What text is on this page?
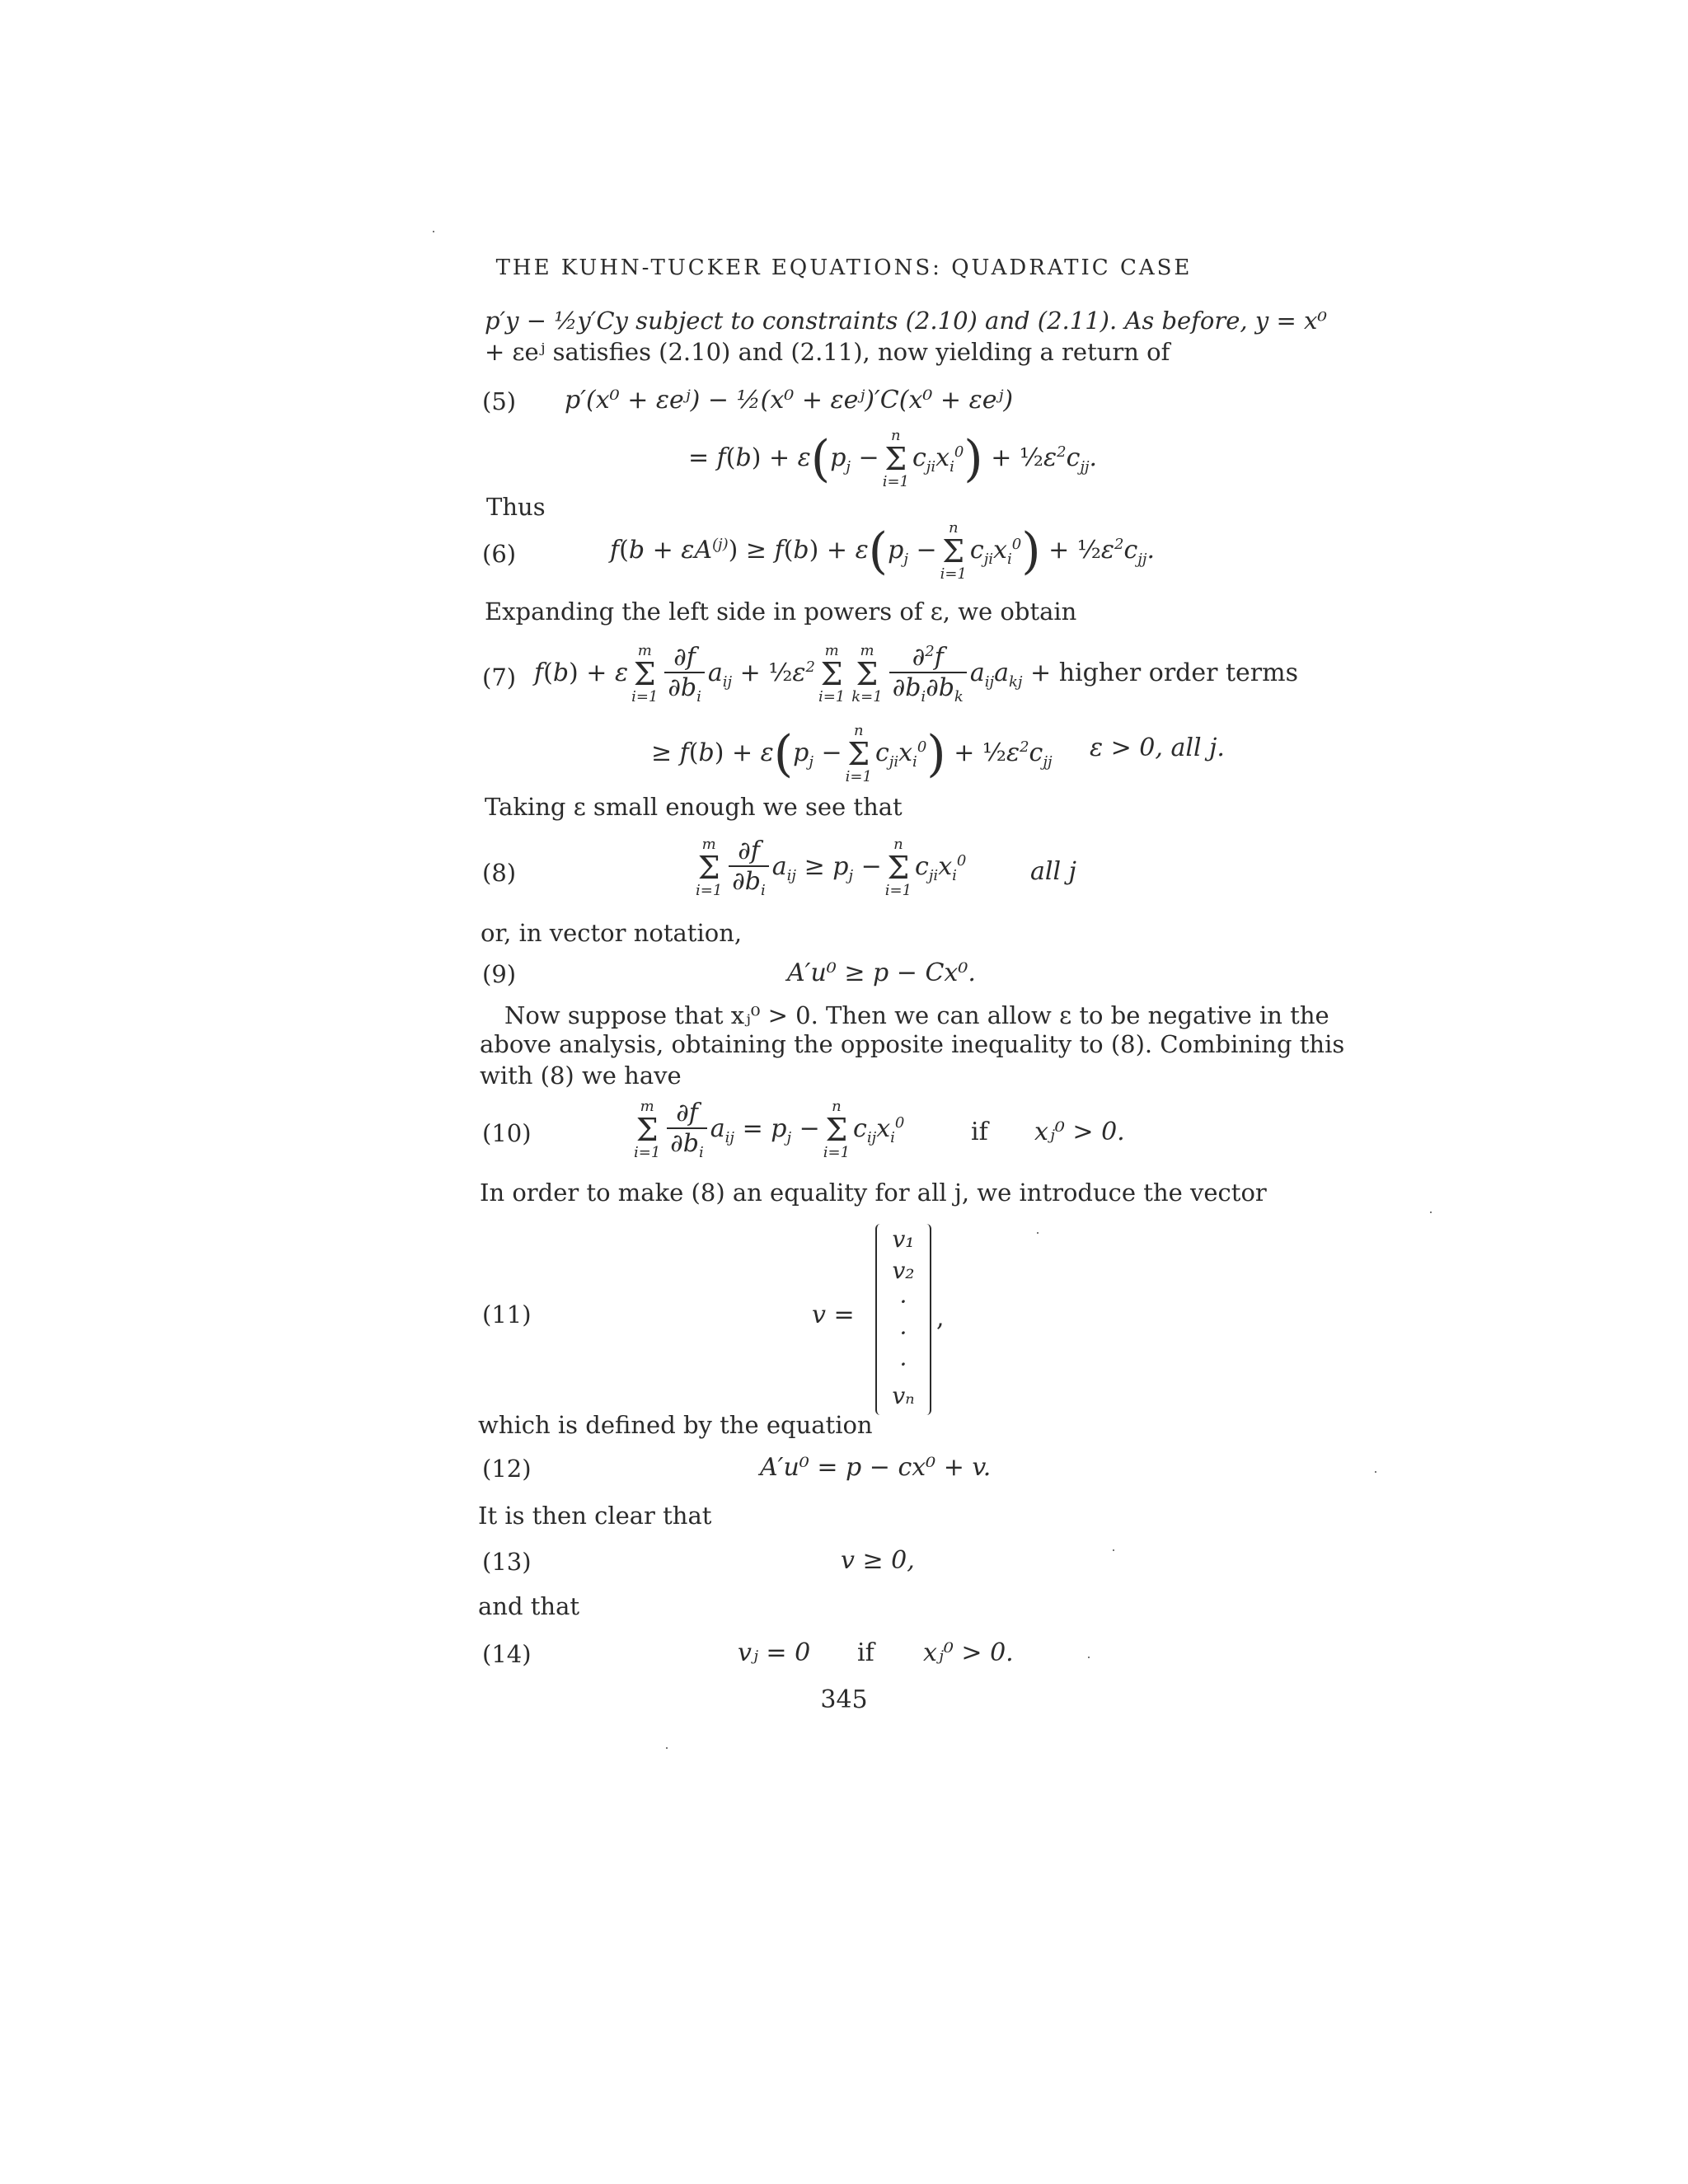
THE KUHN-TUCKER EQUATIONS: QUADRATIC CASE
p′y − ½y′Cy subject to constraints (2.10) and (2.11). As before, y = x⁰
+ εeʲ satisfies (2.10) and (2.11), now yielding a return of
(5) p′(x⁰ + εeʲ) − ½(x⁰ + εeʲ)′C(x⁰ + εeʲ)
= $f(b) + \varepsilon(p_j$ −
n
Σ
i=1
$c_{ji}x_i^0$) + $\frac{1}{2}\varepsilon^2c_{jj}$.
Thus
(6)	$f(b + \varepsilon A^{(j)}) \ge f(b) + \varepsilon(p_j$ −
n
Σ
i=1
$c_{ji}x_i^0$) + $\frac{1}{2}\varepsilon^2c_{jj}$.
Expanding the left side in powers of ε, we obtain
(7) f(b) + ε
m
Σ
$i=1 \frac{\partial f}{\partial b_i} a_{ij}$ + $\frac{1}{2}\varepsilon^2$
m
Σ
i=1
m
Σ
$k=1 \frac{\partial^2f}{\partial b_i\partial b_k} a_{ij}a_{kj}$ + higher order terms
≥ $f(b) + \varepsilon(p_j$ −
n
Σ
i=1
$c_{ji}x_i^0$) + $\frac{1}{2}\varepsilon^2c_{jj}$ ε > 0, all j.
Taking ε small enough we see that
(8)
m
Σ
$i=1 \frac{\partial f}{\partial b_i} a_{ij} \ge p_j$ −
n
Σ
i=1
$c_{ji}x_i^0$	all j
or, in vector notation,
(9)	A′u⁰ ≥ p − Cx⁰.
Now suppose that xⱼ⁰ > 0. Then we can allow ε to be negative in the
above analysis, obtaining the opposite inequality to (8). Combining this
with (8) we have
(10)
m
Σ
$i=1 \frac{\partial f}{\partial b_i} a_{ij} = p_j$ −
n
Σ
i=1
$c_{ij}x_i^0$	if xⱼ⁰ > 0.
In order to make (8) an equality for all j, we introduce the vector
(11)	v =
v₁
v₂
·
·
·
vₙ
,
which is defined by the equation
(12)	A′u⁰ = p − cx⁰ + v.
It is then clear that
(13)	v ≥ 0,
and that
(14)	vⱼ = 0 if xⱼ⁰ > 0.
345
